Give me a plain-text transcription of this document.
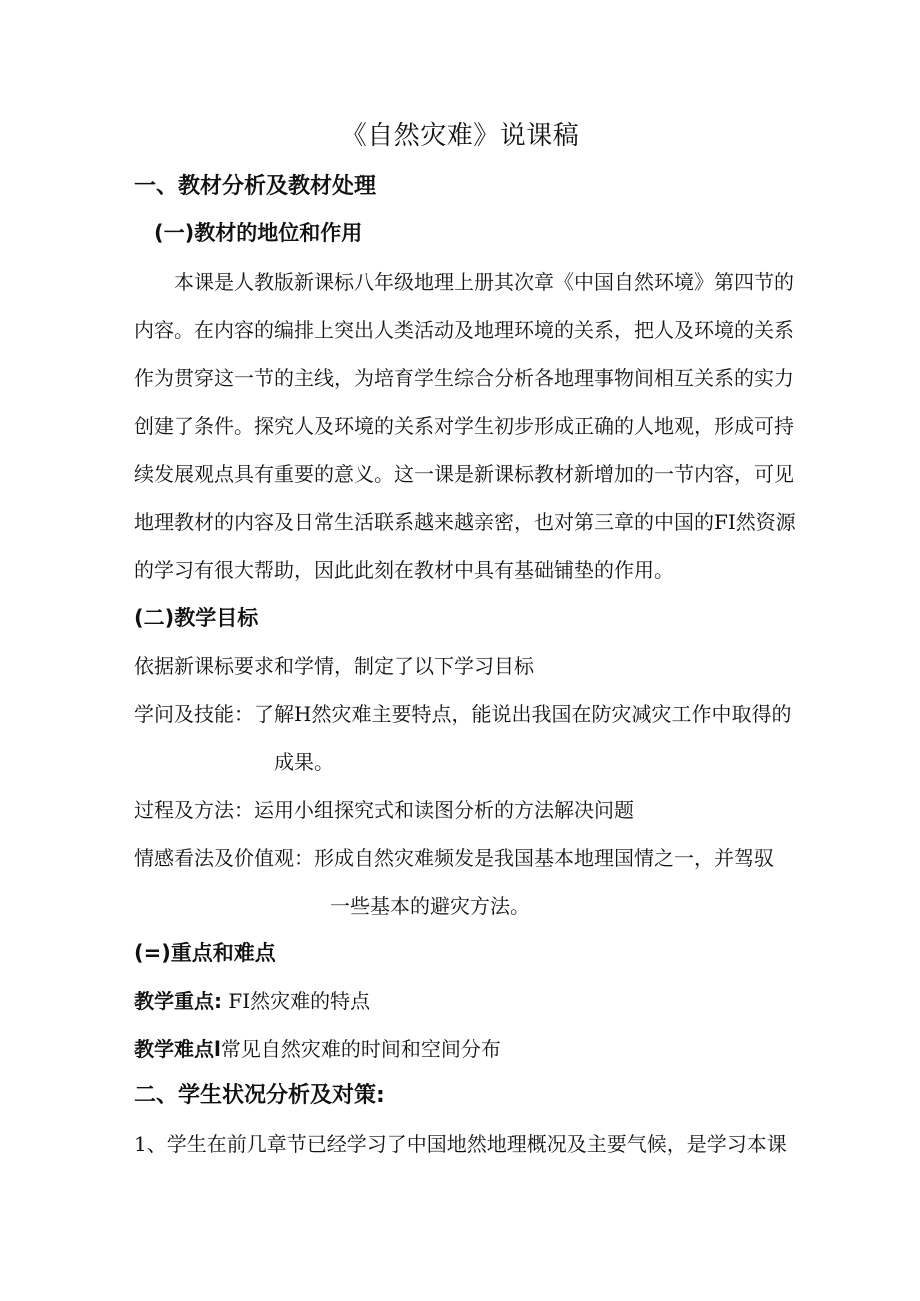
《自然灾难》说课稿
一、教材分析及教材处理
(一)教材的地位和作用
本课是人教版新课标八年级地理上册其次章《中国自然环境》第四节的
内容。在内容的编排上突出人类活动及地理环境的关系，把人及环境的关系
作为贯穿这一节的主线，为培育学生综合分析各地理事物间相互关系的实力
创建了条件。探究人及环境的关系对学生初步形成正确的人地观，形成可持
续发展观点具有重要的意义。这一课是新课标教材新增加的一节内容，可见
地理教材的内容及日常生活联系越来越亲密，也对第三章的中国的FI然资源
的学习有很大帮助，因此此刻在教材中具有基础铺垫的作用。
(二)教学目标
依据新课标要求和学情，制定了以下学习目标
学问及技能：了解H然灾难主要特点，能说出我国在防灾减灾工作中取得的
成果。
过程及方法：运用小组探究式和读图分析的方法解决问题
情感看法及价值观：形成自然灾难频发是我国基本地理国情之一，并驾驭
一些基本的避灾方法。
(=)重点和难点
教学重点: FI然灾难的特点
教学难点l常见自然灾难的时间和空间分布
二、学生状况分析及对策:
1、学生在前几章节已经学习了中国地然地理概况及主要气候，是学习本课
